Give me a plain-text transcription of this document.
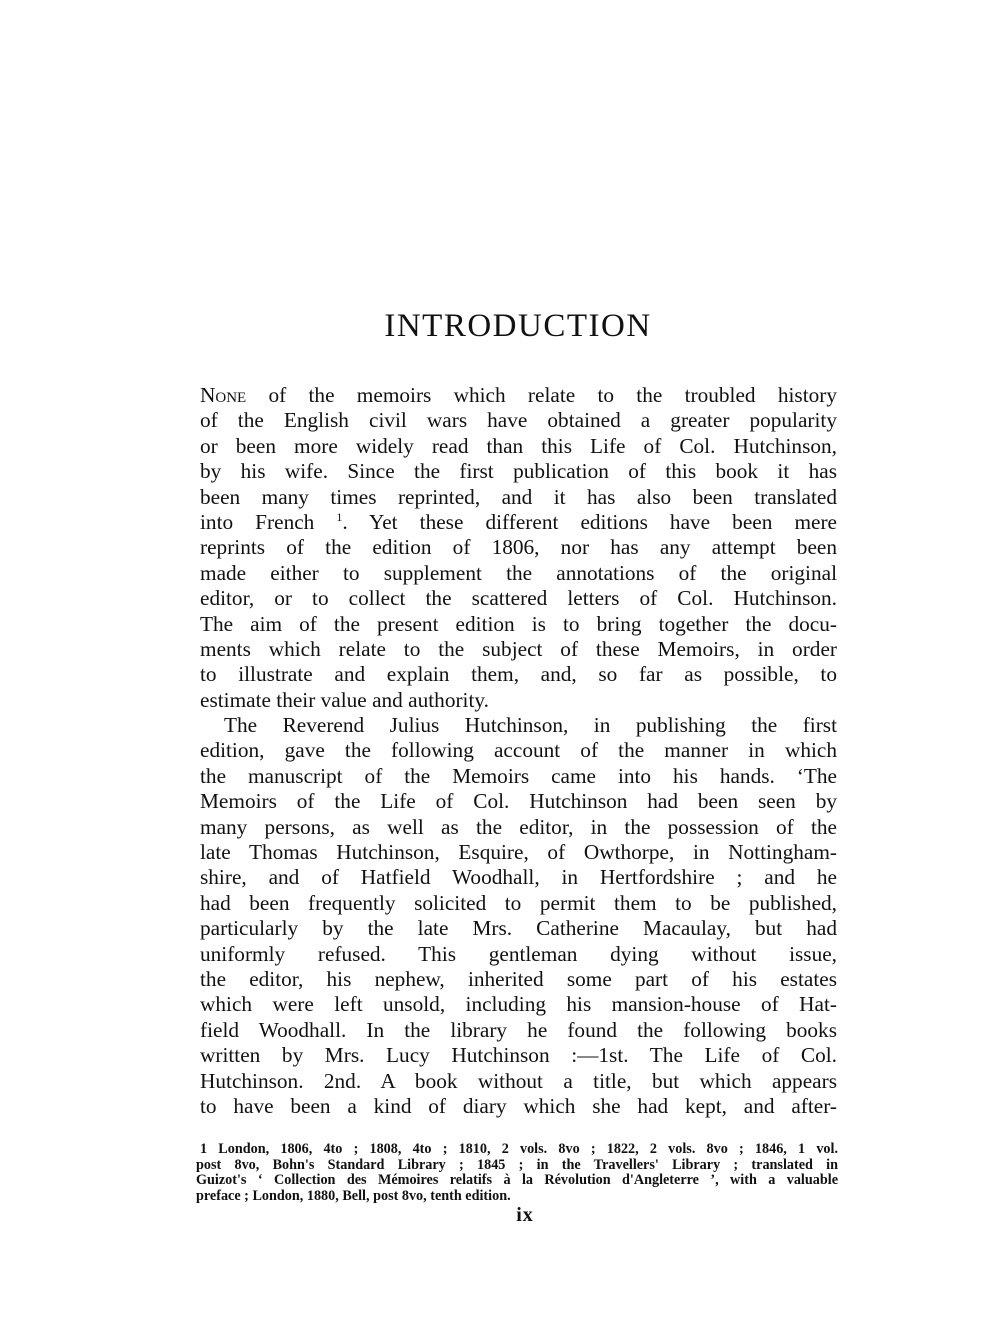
INTRODUCTION
None of the memoirs which relate to the troubled history
of the English civil wars have obtained a greater popularity
or been more widely read than this Life of Col. Hutchinson,
by his wife. Since the first publication of this book it has
been many times reprinted, and it has also been translated
into French $^1$. Yet these different editions have been mere
reprints of the edition of 1806, nor has any attempt been
made either to supplement the annotations of the original
editor, or to collect the scattered letters of Col. Hutchinson.
The aim of the present edition is to bring together the docu-
ments which relate to the subject of these Memoirs, in order
to illustrate and explain them, and, so far as possible, to
estimate their value and authority.
The Reverend Julius Hutchinson, in publishing the first
edition, gave the following account of the manner in which
the manuscript of the Memoirs came into his hands. ‘The
Memoirs of the Life of Col. Hutchinson had been seen by
many persons, as well as the editor, in the possession of the
late Thomas Hutchinson, Esquire, of Owthorpe, in Nottingham-
shire, and of Hatfield Woodhall, in Hertfordshire ; and he
had been frequently solicited to permit them to be published,
particularly by the late Mrs. Catherine Macaulay, but had
uniformly refused. This gentleman dying without issue,
the editor, his nephew, inherited some part of his estates
which were left unsold, including his mansion-house of Hat-
field Woodhall. In the library he found the following books
written by Mrs. Lucy Hutchinson :—1st. The Life of Col.
Hutchinson. 2nd. A book without a title, but which appears
to have been a kind of diary which she had kept, and after-
1 London, 1806, 4to ; 1808, 4to ; 1810, 2 vols. 8vo ; 1822, 2 vols. 8vo ; 1846, 1 vol.
post 8vo, Bohn's Standard Library ; 1845 ; in the Travellers' Library ; translated in
Guizot's ‘ Collection des Mémoires relatifs à la Révolution d'Angleterre ’, with a valuable
preface ; London, 1880, Bell, post 8vo, tenth edition.
ix
